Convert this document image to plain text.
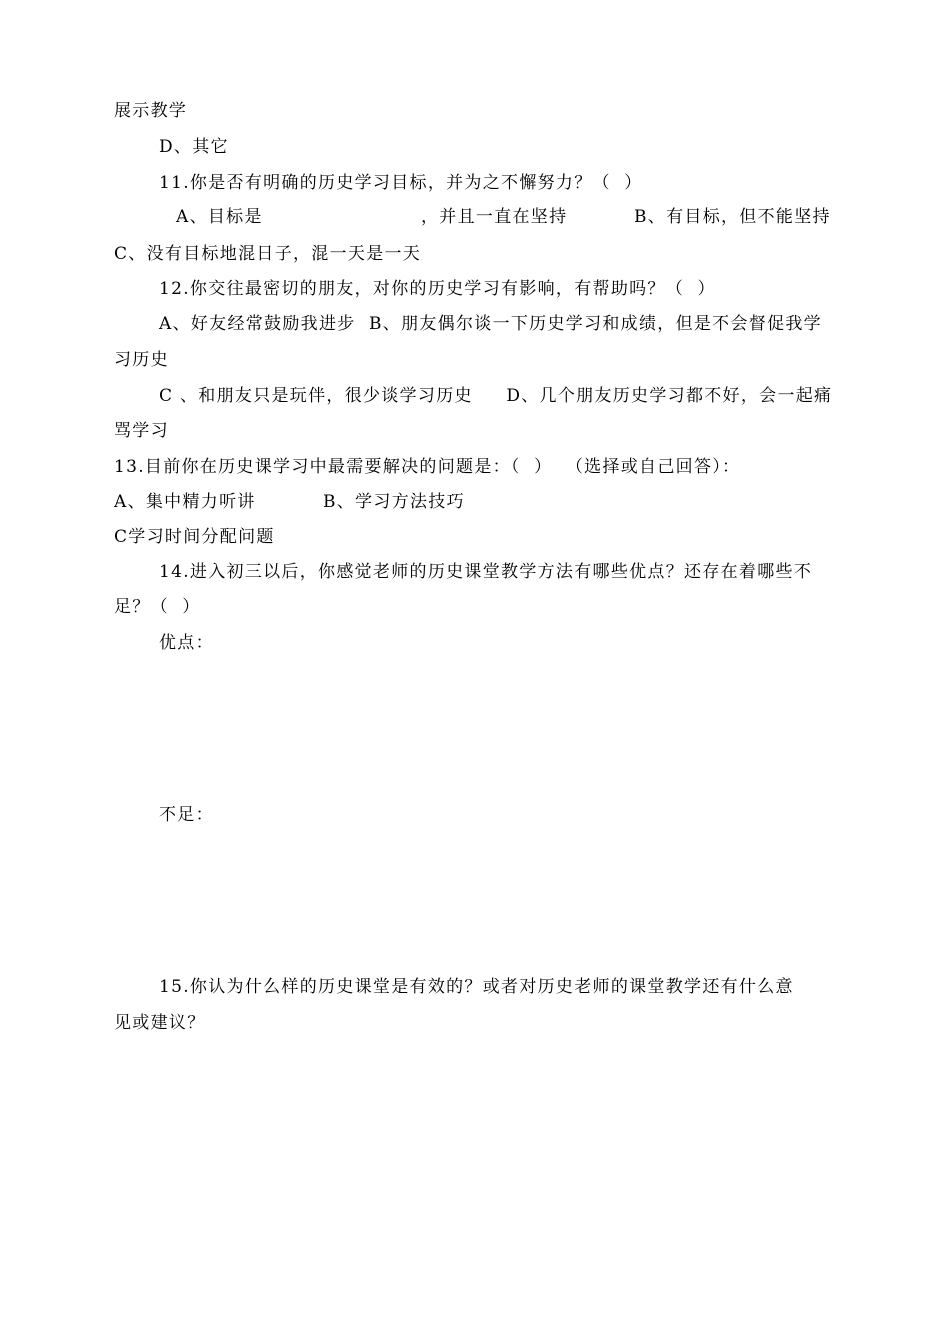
展示教学

D、其它

11.你是否有明确的历史学习目标，并为之不懈努力？（  ）

A、目标是	，并且一直在坚持	B、有目标，但不能坚持

C、没有目标地混日子，混一天是一天

12.你交往最密切的朋友，对你的历史学习有影响，有帮助吗？（  ）

A、好友经常鼓励我进步  B、朋友偶尔谈一下历史学习和成绩，但是不会督促我学

习历史

C 、和朋友只是玩伴，很少谈学习历史     D、几个朋友历史学习都不好，会一起痛

骂学习

13.目前你在历史课学习中最需要解决的问题是：（  ）  （选择或自己回答）：

A、集中精力听讲	B、学习方法技巧

C学习时间分配问题

14.进入初三以后，你感觉老师的历史课堂教学方法有哪些优点？还存在着哪些不

足？（  ）

优点：

不足：

15.你认为什么样的历史课堂是有效的？或者对历史老师的课堂教学还有什么意

见或建议？
